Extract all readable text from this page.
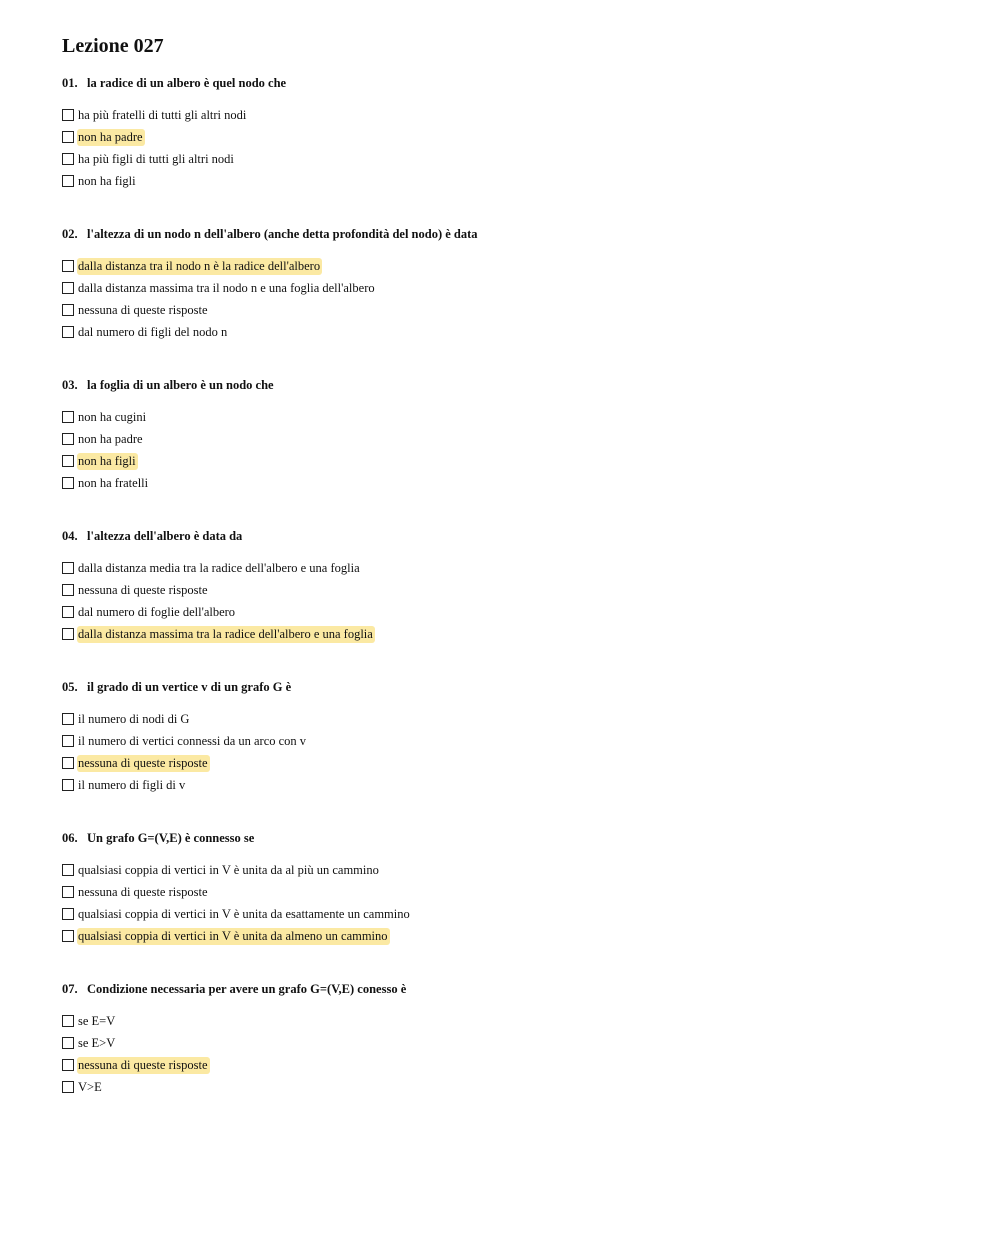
Lezione 027
01. la radice di un albero è quel nodo che
ha più fratelli di tutti gli altri nodi
non ha padre
ha più figli di tutti gli altri nodi
non ha figli
02. l'altezza di un nodo n dell'albero (anche detta profondità del nodo) è data
dalla distanza tra il nodo n è la radice dell'albero
dalla distanza massima tra il nodo n e una foglia dell'albero
nessuna di queste risposte
dal numero di figli del nodo n
03. la foglia di un albero è un nodo che
non ha cugini
non ha padre
non ha figli
non ha fratelli
04. l'altezza dell'albero è data da
dalla distanza media tra la radice dell'albero e una foglia
nessuna di queste risposte
dal numero di foglie dell'albero
dalla distanza massima tra la radice dell'albero e una foglia
05. il grado di un vertice v di un grafo G è
il numero di nodi di G
il numero di vertici connessi da un arco con v
nessuna di queste risposte
il numero di figli di v
06. Un grafo G=(V,E) è connesso se
qualsiasi coppia di vertici in V è unita da al più un cammino
nessuna di queste risposte
qualsiasi coppia di vertici in V è unita da esattamente un cammino
qualsiasi coppia di vertici in V è unita da almeno un cammino
07. Condizione necessaria per avere un grafo G=(V,E) conesso è
se E=V
se E>V
nessuna di queste risposte
V>E
